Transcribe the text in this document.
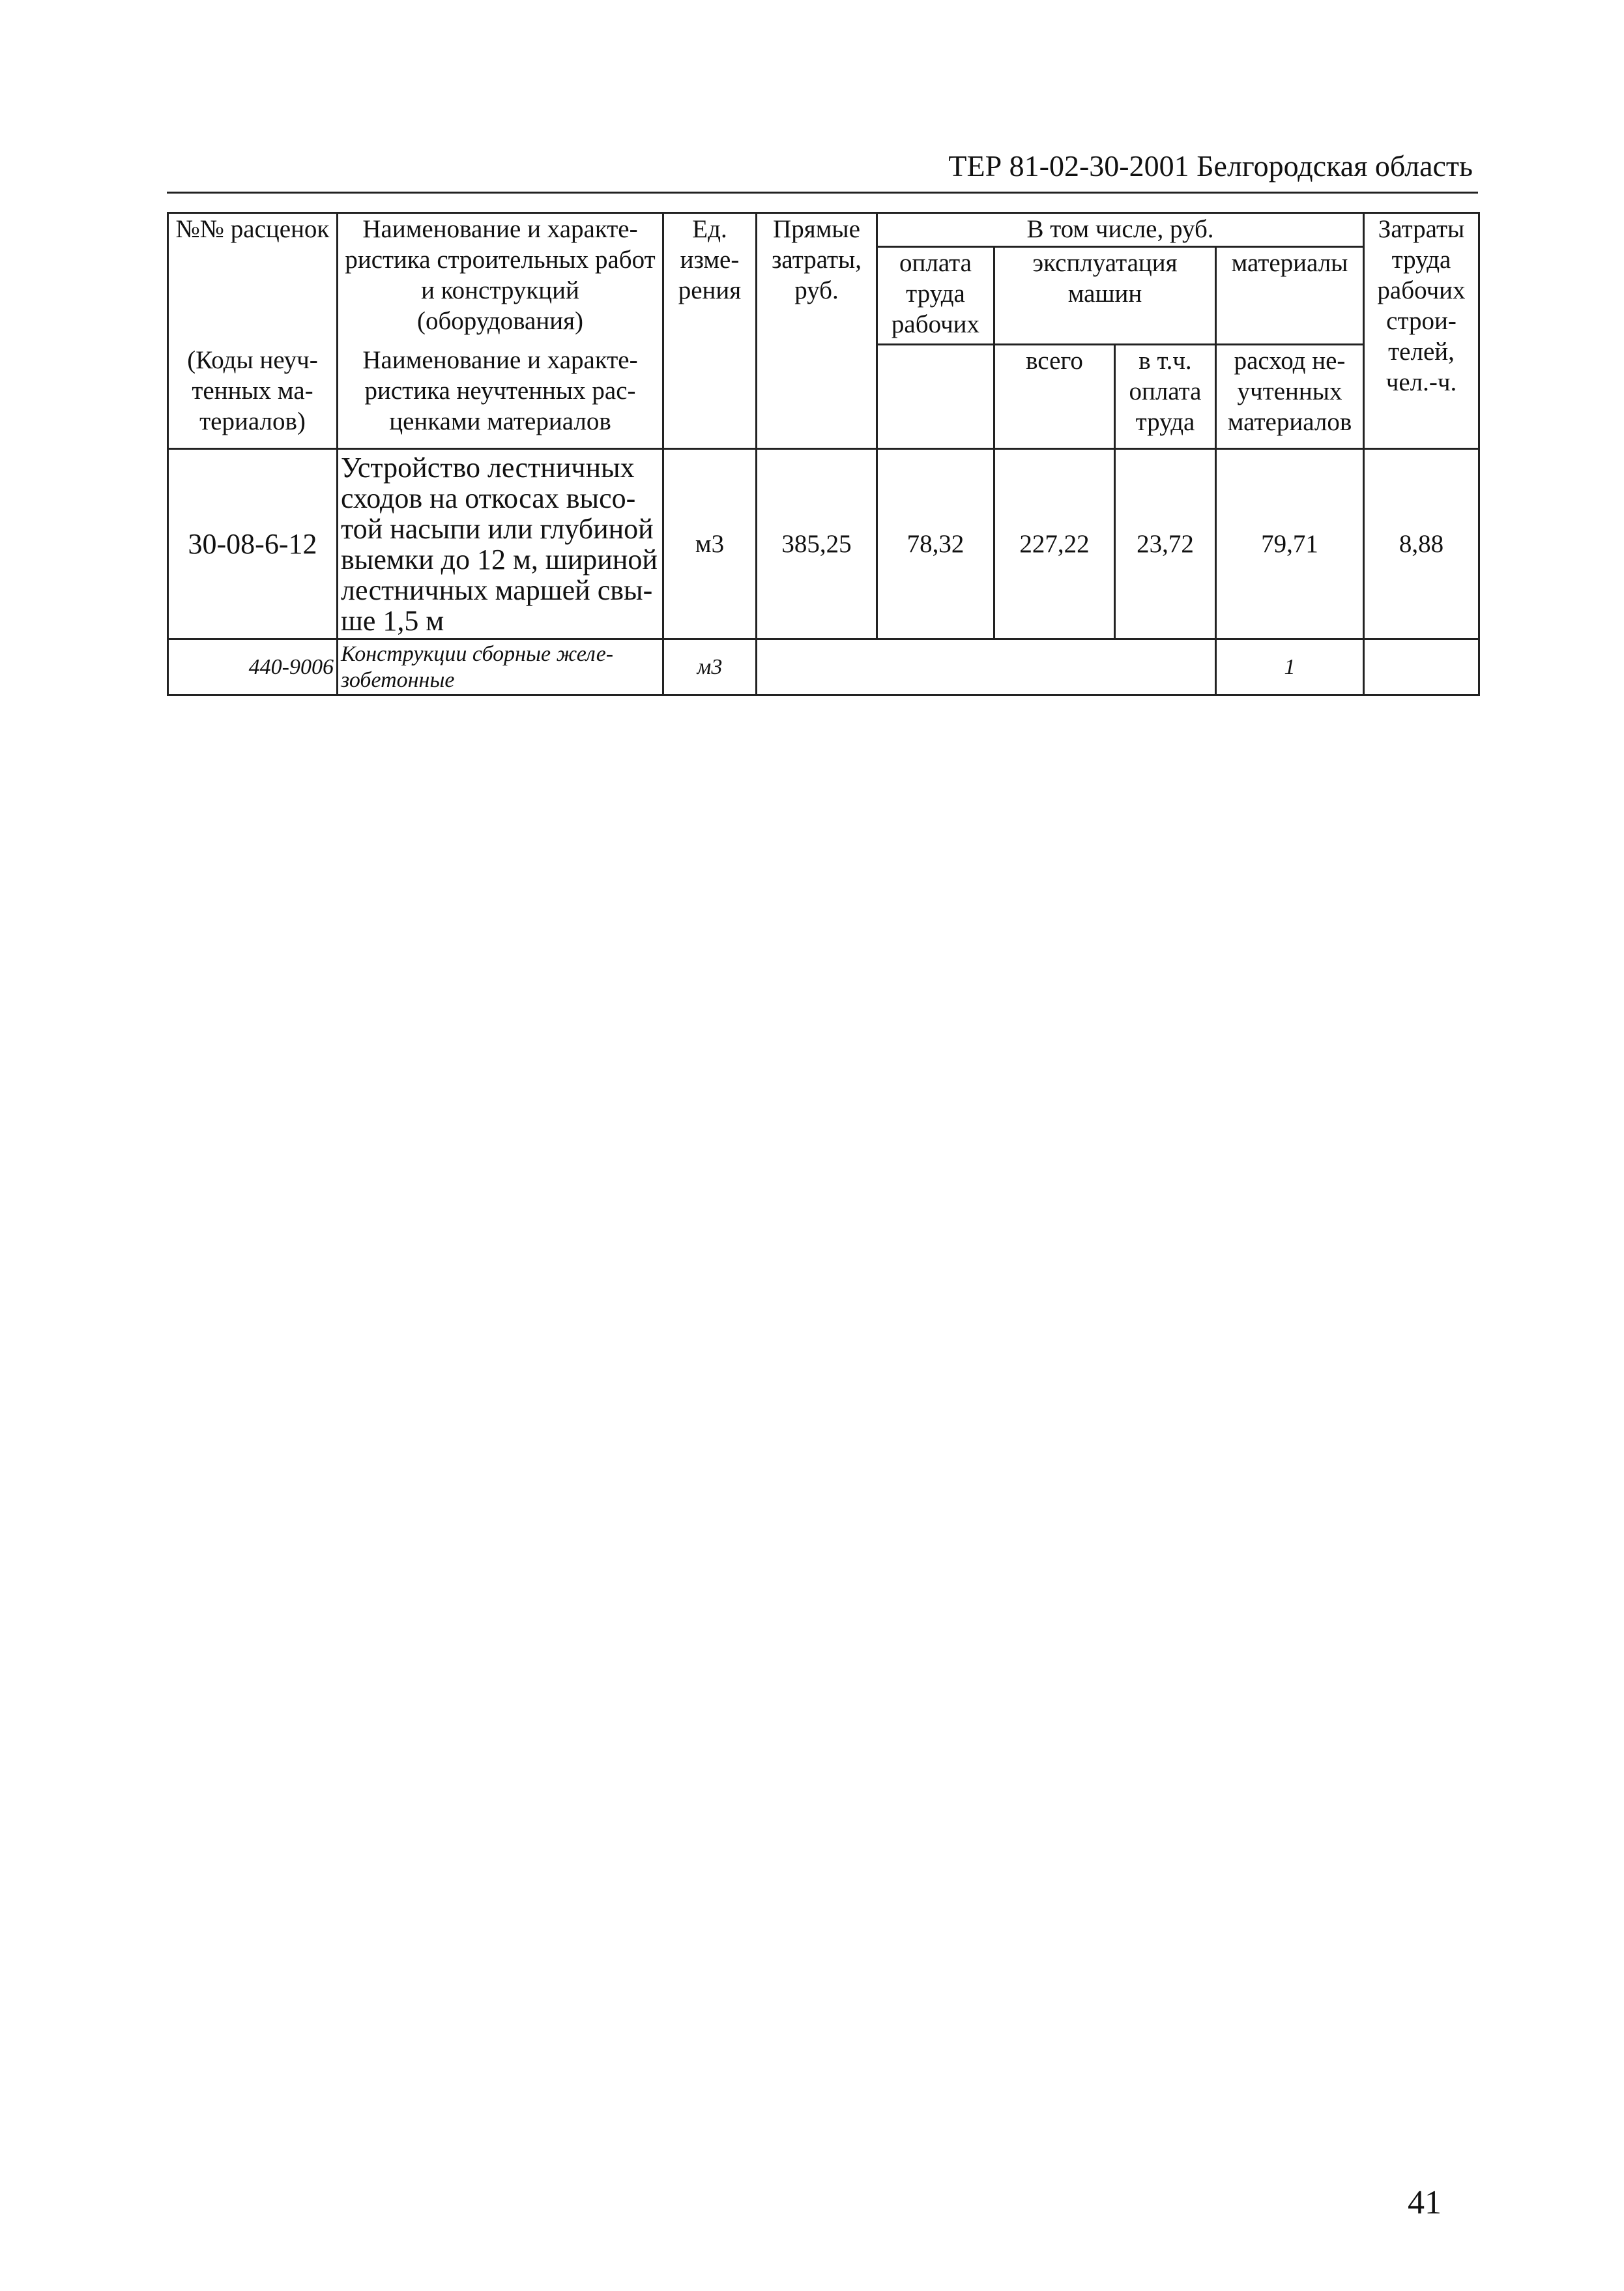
ТЕР 81-02-30-2001 Белгородская область
№№ расценок	Наименование и характе-ристика строительных работ и конструкций (оборудования)	Ед. изме-рения	Прямые затраты, руб.	В том числе, руб.				Затраты труда рабочих строи-телей, чел.-ч.
				оплата труда рабочих	эксплуатация машин		материалы	
(Коды неуч-тенных ма-териалов)	Наименование и характе-ристика неучтенных рас-ценками материалов				всего	в т.ч. оплата труда	расход не-учтенных материалов	
30-08-6-12	Устройство лестничных сходов на откосах высо-той насыпи или глубиной выемки до 12 м, шириной лестничных маршей свы-ше 1,5 м	м3	385,25	78,32	227,22	23,72	79,71	8,88
440-9006	Конструкции сборные желе-зобетонные	м3					1	
41
